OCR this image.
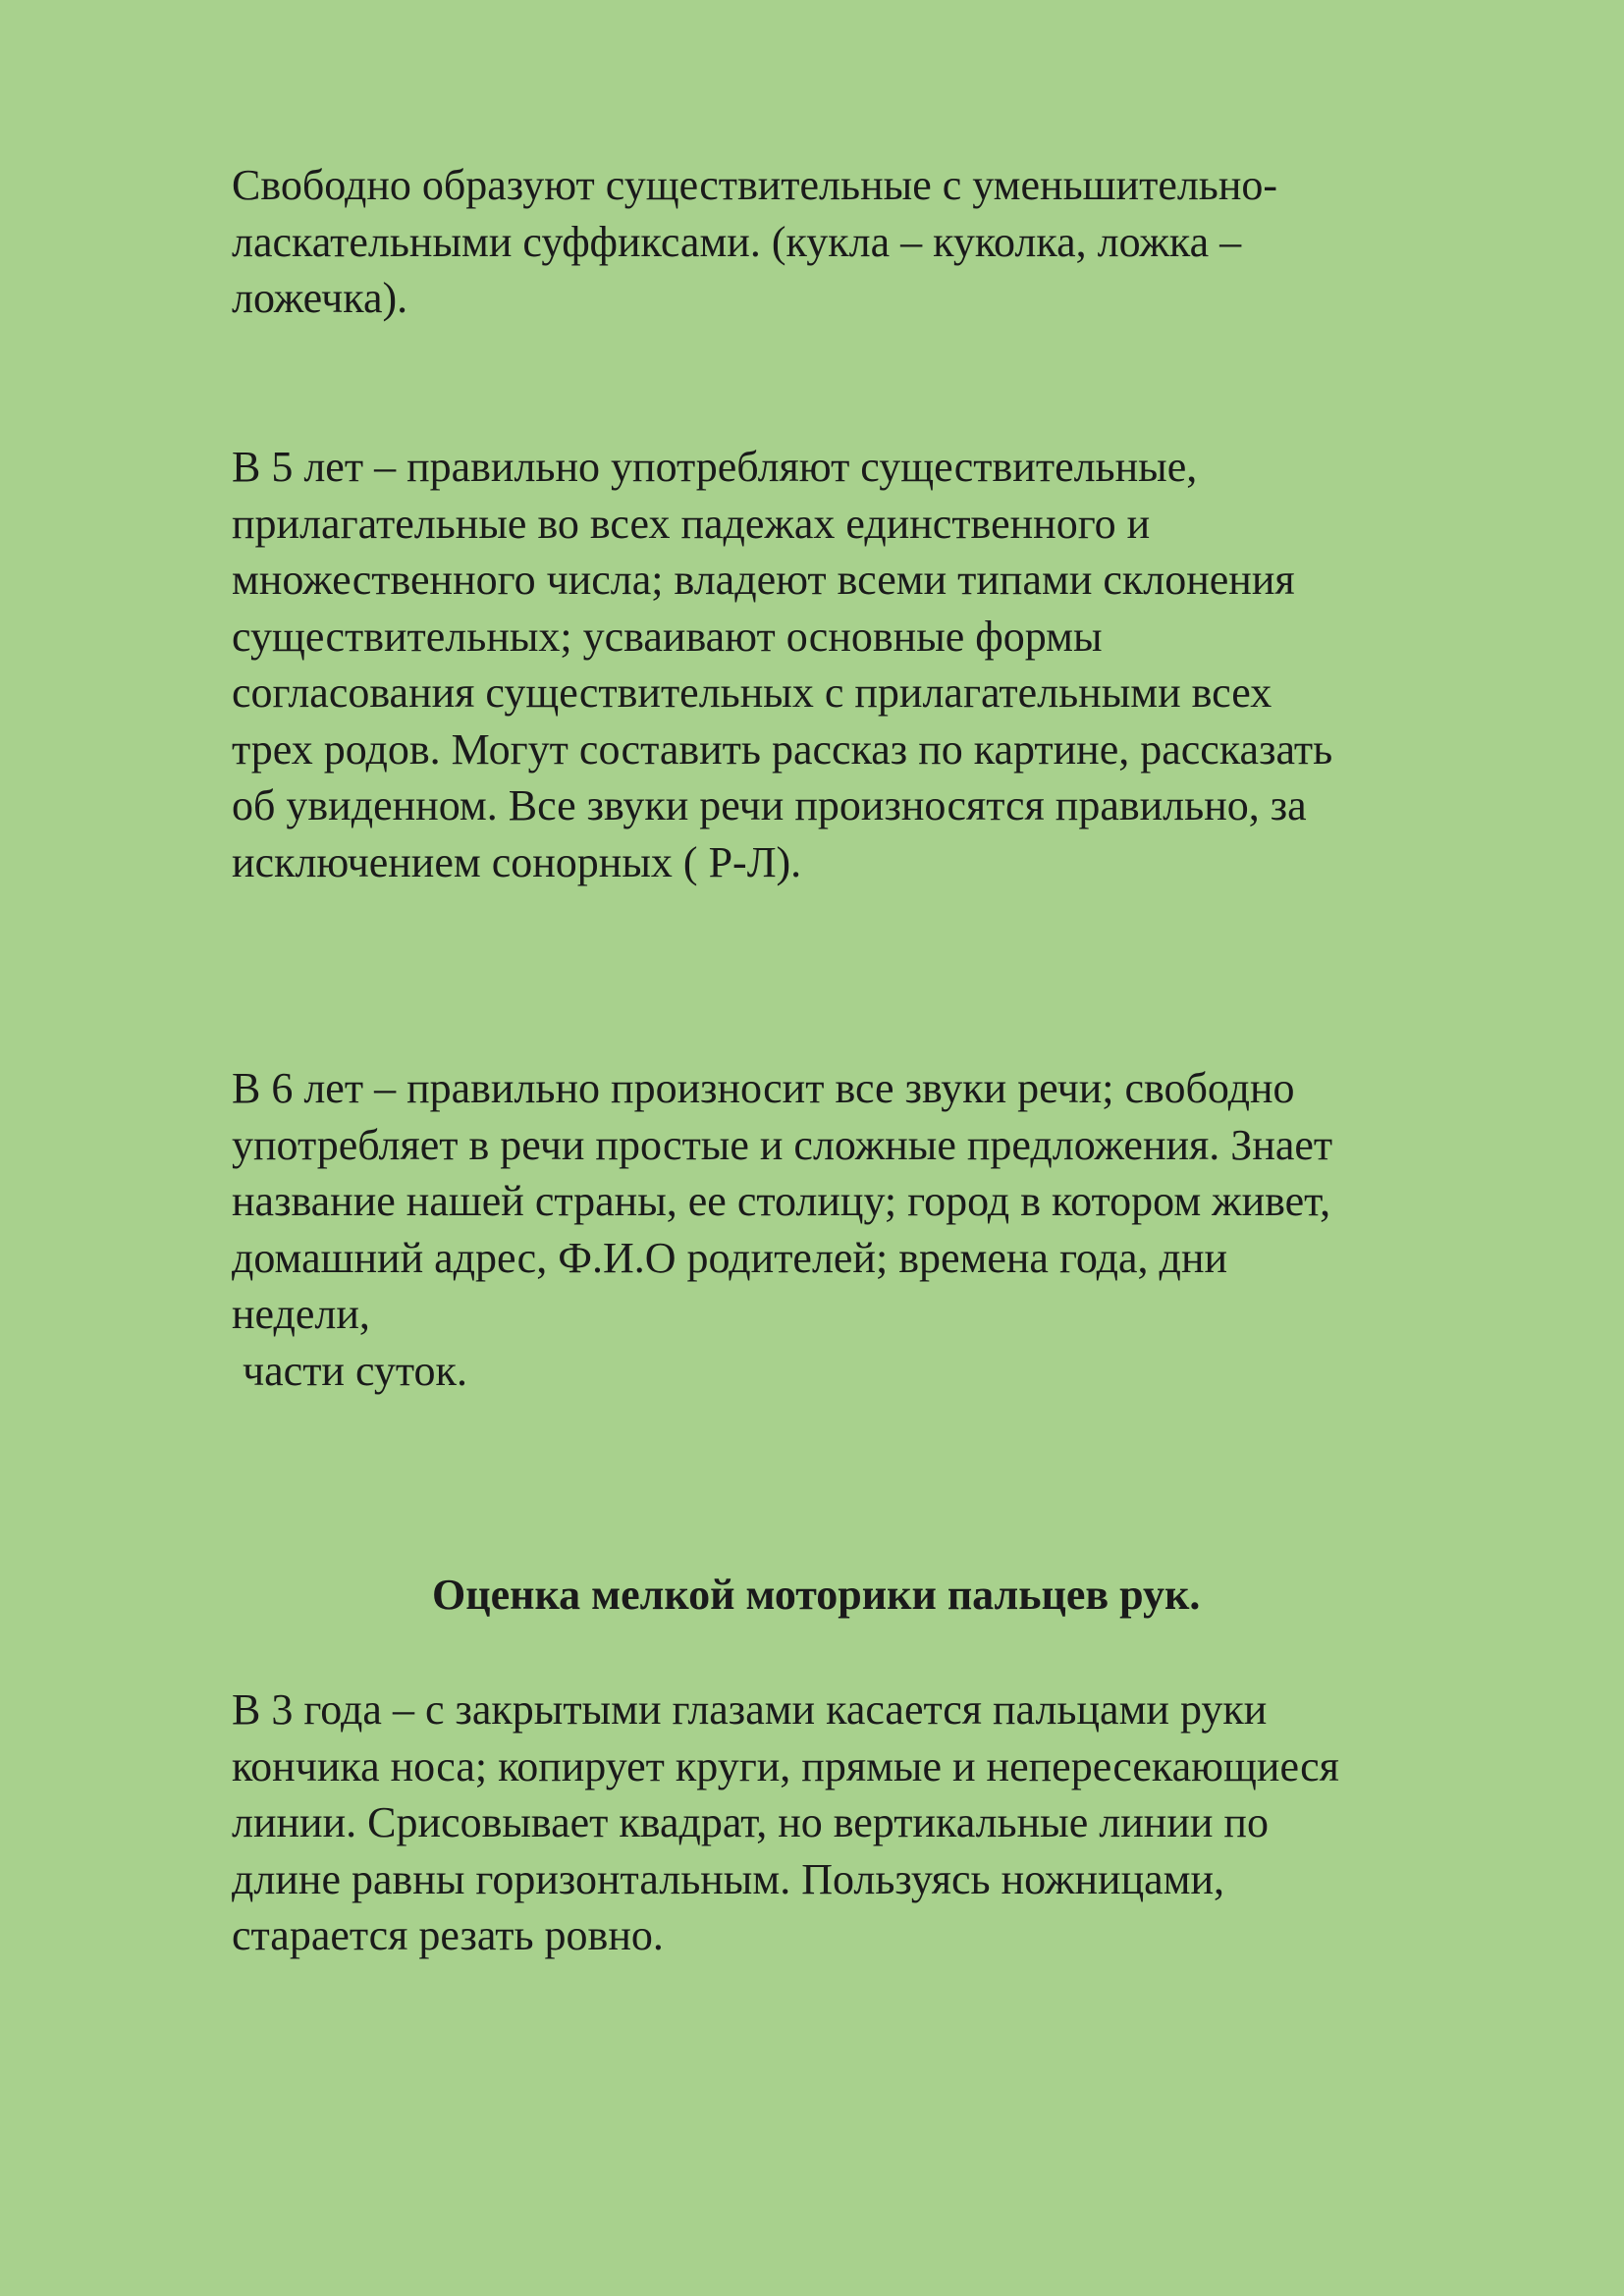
Свободно образуют существительные с уменьшительно-
ласкательными суффиксами. (кукла – куколка, ложка –
ложечка).

В 5 лет – правильно употребляют существительные,
прилагательные во всех падежах единственного и
множественного числа; владеют всеми типами склонения
существительных; усваивают основные формы
согласования существительных с прилагательными всех
трех родов. Могут составить рассказ по картине, рассказать
об увиденном. Все звуки речи произносятся правильно, за
исключением сонорных ( Р-Л).

В 6 лет – правильно произносит все звуки речи; свободно
употребляет в речи простые и сложные предложения. Знает
название нашей страны, ее столицу; город в котором живет,
домашний адрес, Ф.И.О родителей; времена года, дни
недели,
части суток.

Оценка мелкой моторики пальцев рук.

В 3 года – с закрытыми глазами касается пальцами руки
кончика носа; копирует круги, прямые и непересекающиеся
линии. Срисовывает квадрат, но вертикальные линии по
длине равны горизонтальным. Пользуясь ножницами,
старается резать ровно.
